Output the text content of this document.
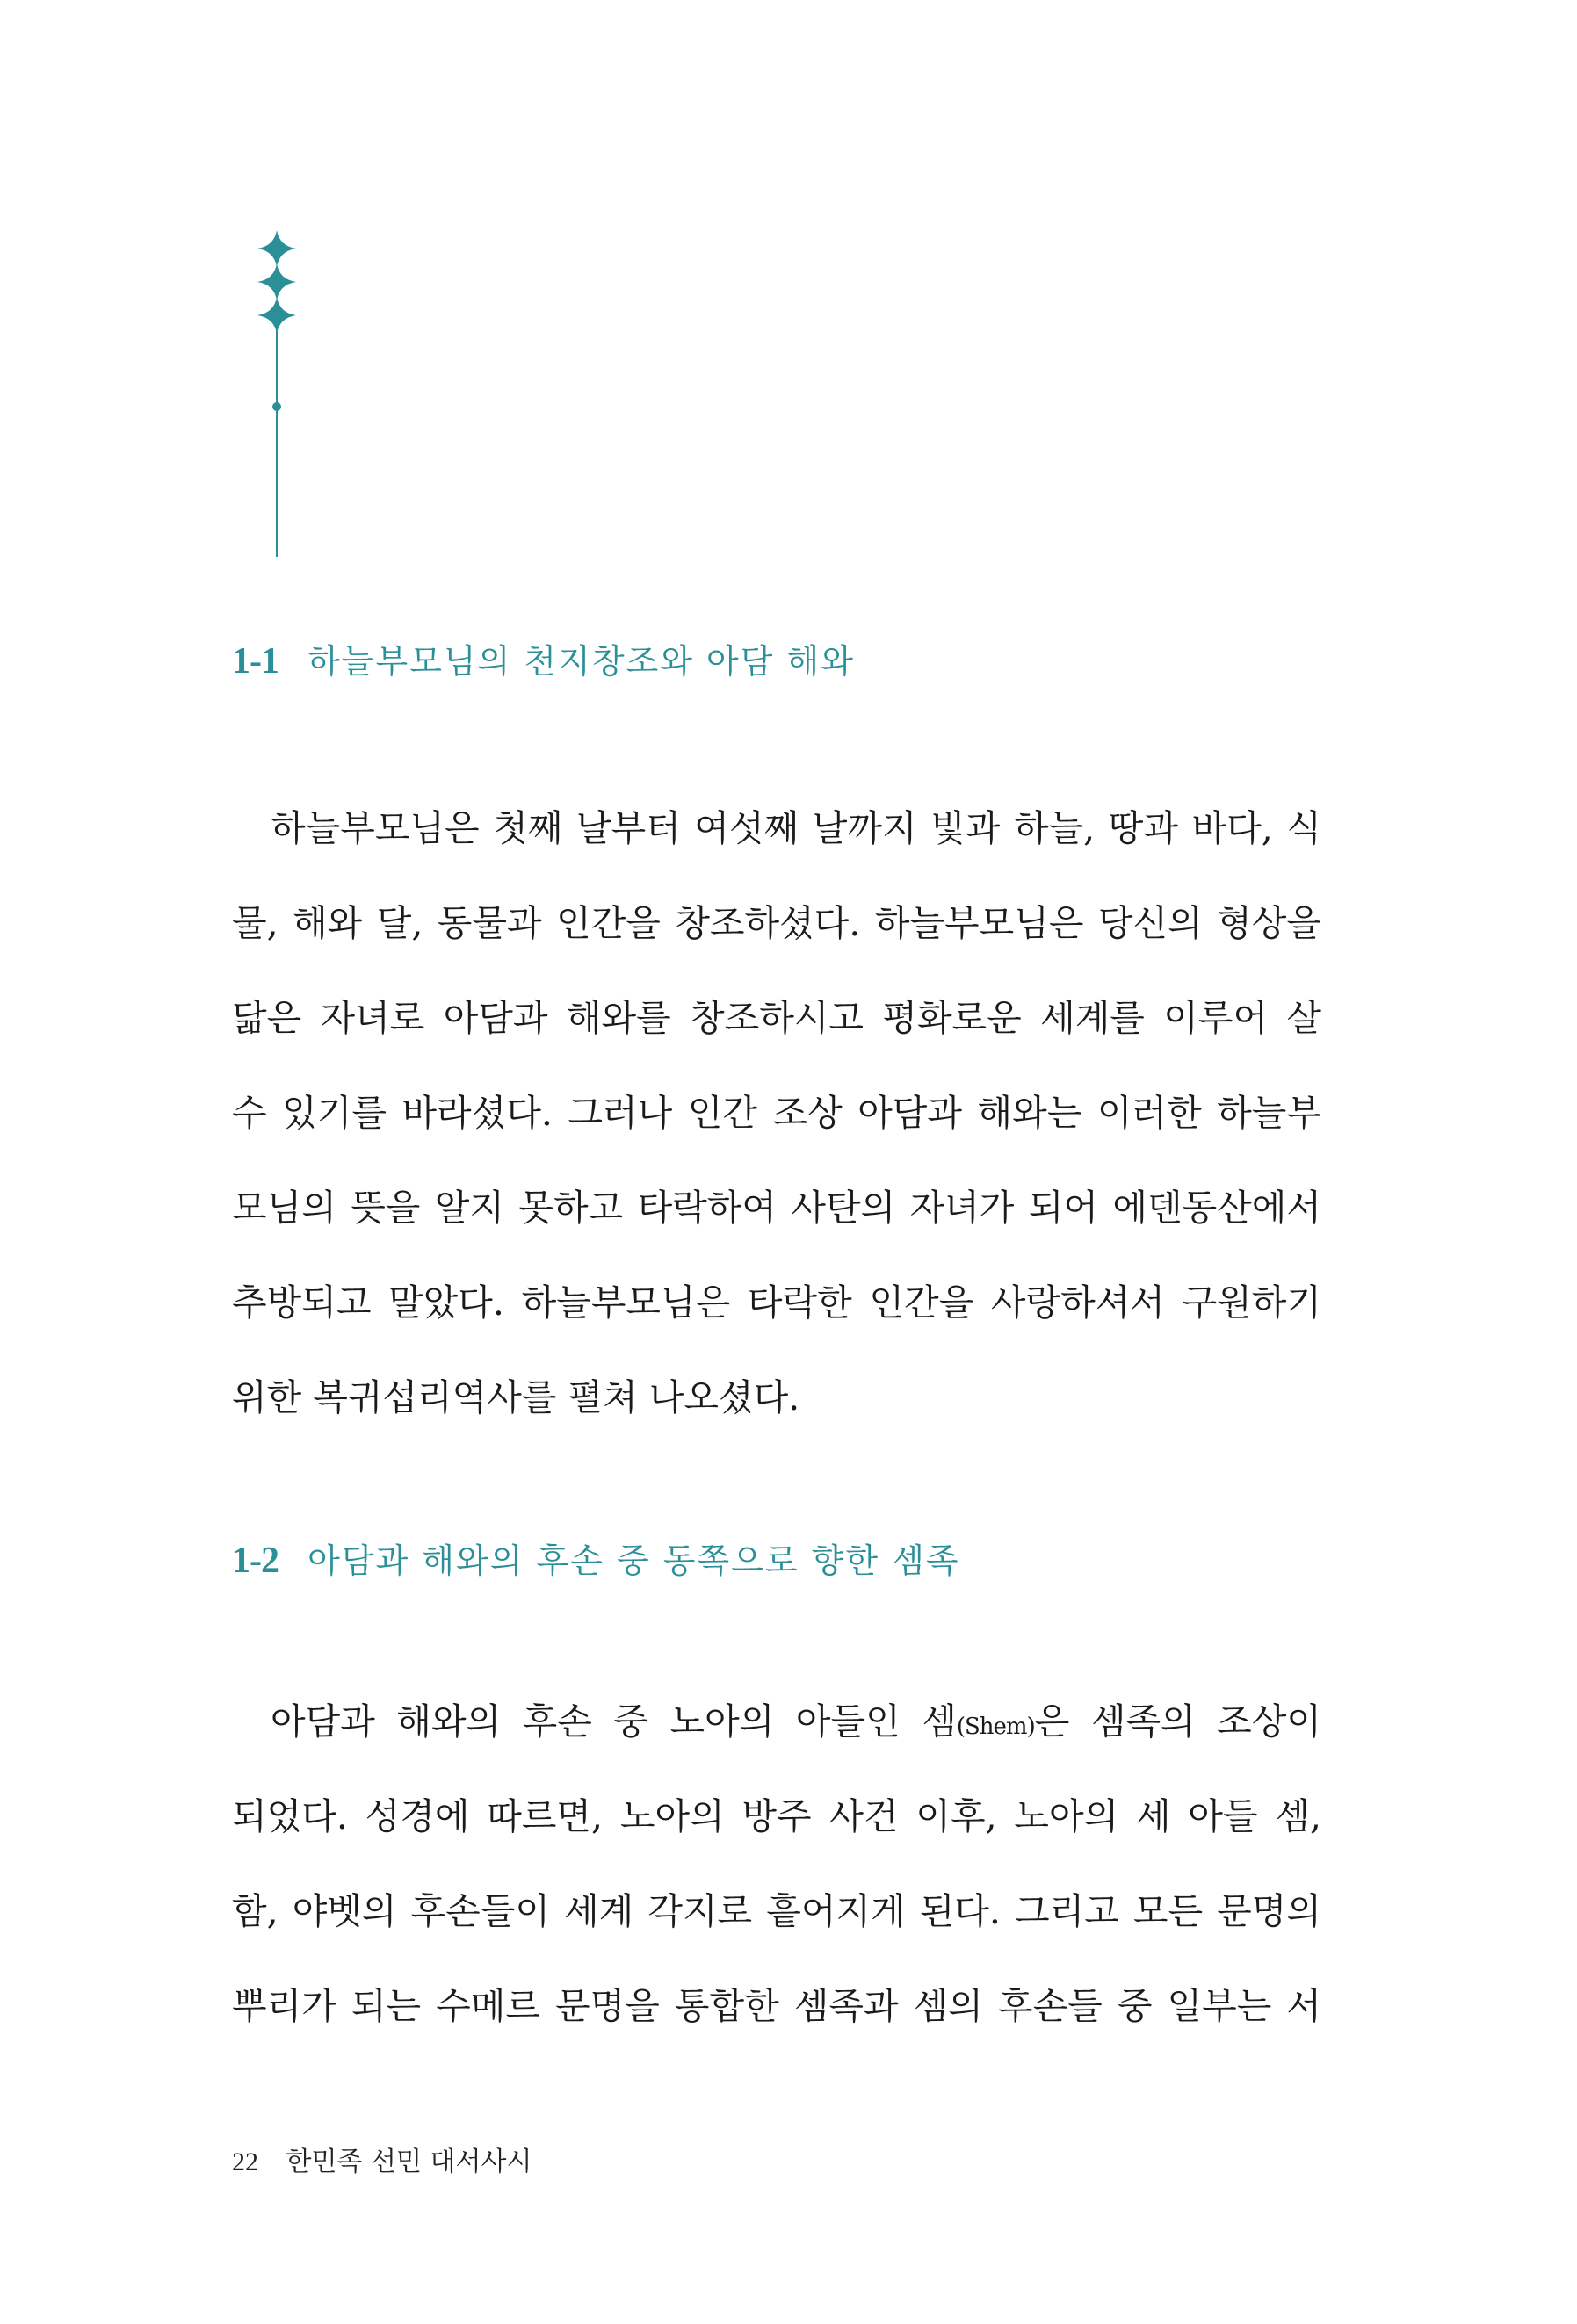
1-1 하늘부모님의 천지창조와 아담 해와
하늘부모님은 첫째 날부터 여섯째 날까지 빛과 하늘, 땅과 바다, 식
물, 해와 달, 동물과 인간을 창조하셨다. 하늘부모님은 당신의 형상을
닮은 자녀로 아담과 해와를 창조하시고 평화로운 세계를 이루어 살
수 있기를 바라셨다. 그러나 인간 조상 아담과 해와는 이러한 하늘부
모님의 뜻을 알지 못하고 타락하여 사탄의 자녀가 되어 에덴동산에서
추방되고 말았다. 하늘부모님은 타락한 인간을 사랑하셔서 구원하기
위한 복귀섭리역사를 펼쳐 나오셨다.
1-2 아담과 해와의 후손 중 동쪽으로 향한 셈족
아담과 해와의 후손 중 노아의 아들인 셈(Shem)은 셈족의 조상이
되었다. 성경에 따르면, 노아의 방주 사건 이후, 노아의 세 아들 셈,
함, 야벳의 후손들이 세계 각지로 흩어지게 된다. 그리고 모든 문명의
뿌리가 되는 수메르 문명을 통합한 셈족과 셈의 후손들 중 일부는 서
22 한민족 선민 대서사시
